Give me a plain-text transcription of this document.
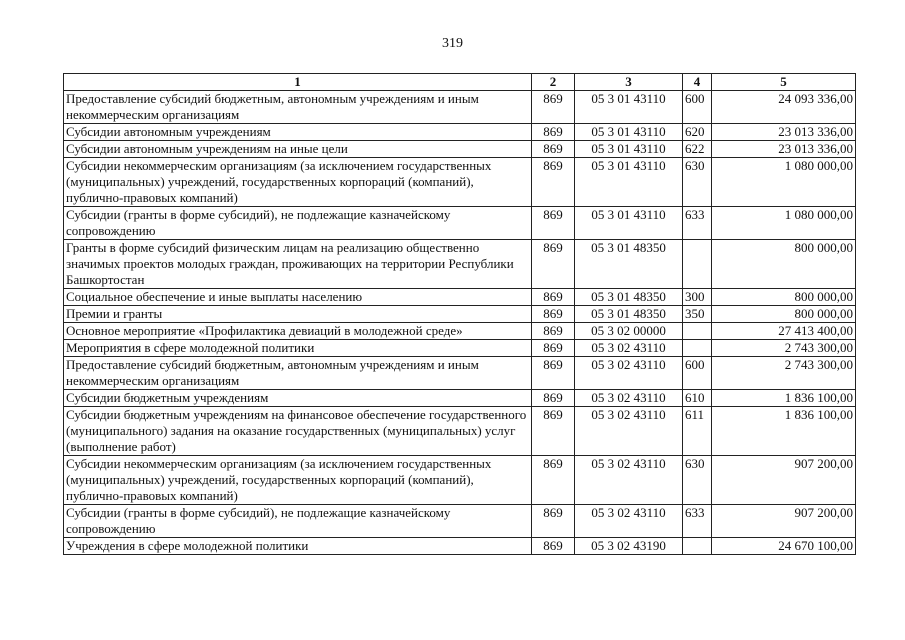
319
1	2	3	4	5
Предоставление субсидий бюджетным, автономным учреждениям и иным некоммерческим организациям	869	05 3 01 43110	600	24 093 336,00
Субсидии автономным учреждениям	869	05 3 01 43110	620	23 013 336,00
Субсидии автономным учреждениям на иные цели	869	05 3 01 43110	622	23 013 336,00
Субсидии некоммерческим организациям (за исключением государственных (муниципальных) учреждений, государственных корпораций (компаний), публично-правовых компаний)	869	05 3 01 43110	630	1 080 000,00
Субсидии (гранты в форме субсидий), не подлежащие казначейскому сопровождению	869	05 3 01 43110	633	1 080 000,00
Гранты в форме субсидий физическим лицам на реализацию общественно значимых проектов молодых граждан, проживающих на территории Республики Башкортостан	869	05 3 01 48350		800 000,00
Социальное обеспечение и иные выплаты населению	869	05 3 01 48350	300	800 000,00
Премии и гранты	869	05 3 01 48350	350	800 000,00
Основное мероприятие «Профилактика девиаций в молодежной среде»	869	05 3 02 00000		27 413 400,00
Мероприятия в сфере молодежной политики	869	05 3 02 43110		2 743 300,00
Предоставление субсидий бюджетным, автономным учреждениям и иным некоммерческим организациям	869	05 3 02 43110	600	2 743 300,00
Субсидии бюджетным учреждениям	869	05 3 02 43110	610	1 836 100,00
Субсидии бюджетным учреждениям на финансовое обеспечение государственного (муниципального) задания на оказание государственных (муниципальных) услуг (выполнение работ)	869	05 3 02 43110	611	1 836 100,00
Субсидии некоммерческим организациям (за исключением государственных (муниципальных) учреждений, государственных корпораций (компаний), публично-правовых компаний)	869	05 3 02 43110	630	907 200,00
Субсидии (гранты в форме субсидий), не подлежащие казначейскому сопровождению	869	05 3 02 43110	633	907 200,00
Учреждения в сфере молодежной политики	869	05 3 02 43190		24 670 100,00
